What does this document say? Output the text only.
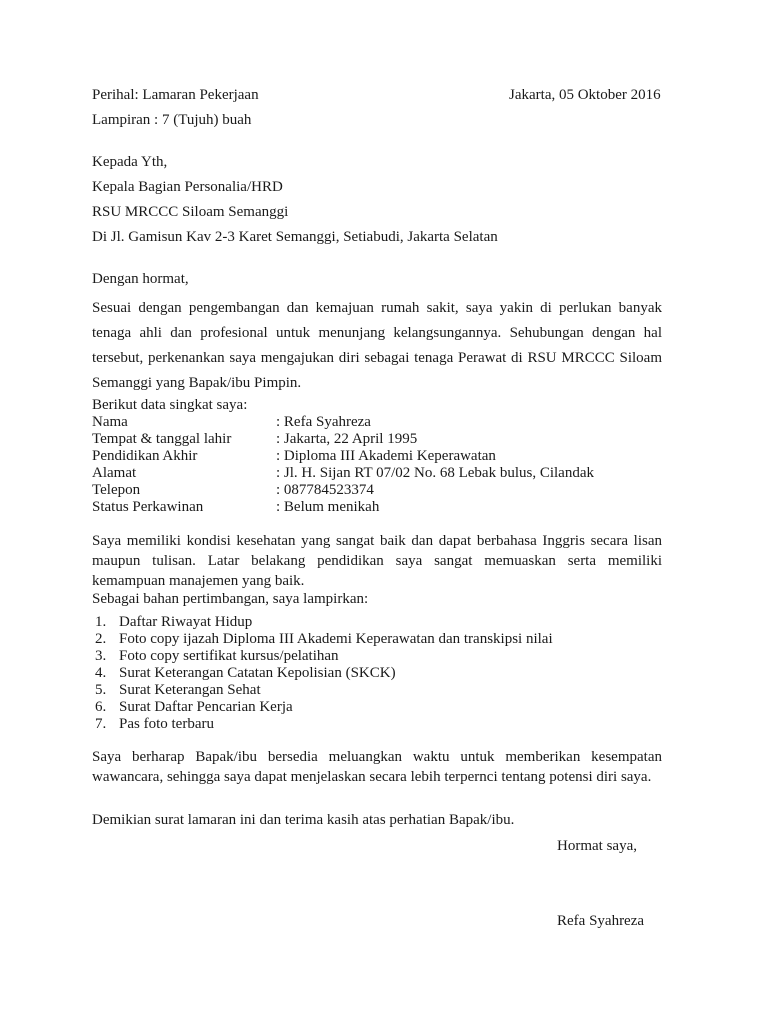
Perihal: Lamaran Pekerjaan	Jakarta, 05 Oktober 2016
Lampiran : 7 (Tujuh) buah
Kepada Yth,
Kepala Bagian Personalia/HRD
RSU MRCCC Siloam Semanggi
Di Jl. Gamisun Kav 2-3 Karet Semanggi, Setiabudi, Jakarta Selatan
Dengan hormat,
Sesuai dengan pengembangan dan kemajuan rumah sakit, saya yakin di perlukan banyak
tenaga ahli dan profesional untuk menunjang kelangsungannya. Sehubungan dengan hal
tersebut, perkenankan saya mengajukan diri sebagai tenaga Perawat di RSU MRCCC Siloam
Semanggi yang Bapak/ibu Pimpin.
Berikut data singkat saya:
Nama	: Refa Syahreza
Tempat & tanggal lahir	: Jakarta, 22 April 1995
Pendidikan Akhir	: Diploma III Akademi Keperawatan
Alamat	: Jl. H. Sijan RT 07/02 No. 68 Lebak bulus, Cilandak
Telepon	: 087784523374
Status Perkawinan	: Belum menikah
Saya memiliki kondisi kesehatan yang sangat baik dan dapat berbahasa Inggris secara lisan
maupun tulisan. Latar belakang pendidikan saya sangat memuaskan serta memiliki
kemampuan manajemen yang baik.
Sebagai bahan pertimbangan, saya lampirkan:
1. Daftar Riwayat Hidup
2. Foto copy ijazah Diploma III Akademi Keperawatan dan transkipsi nilai
3. Foto copy sertifikat kursus/pelatihan
4. Surat Keterangan Catatan Kepolisian (SKCK)
5. Surat Keterangan Sehat
6. Surat Daftar Pencarian Kerja
7. Pas foto terbaru
Saya berharap Bapak/ibu bersedia meluangkan waktu untuk memberikan kesempatan
wawancara, sehingga saya dapat menjelaskan secara lebih terpernci tentang potensi diri saya.
Demikian surat lamaran ini dan terima kasih atas perhatian Bapak/ibu.
Hormat saya,
Refa Syahreza
